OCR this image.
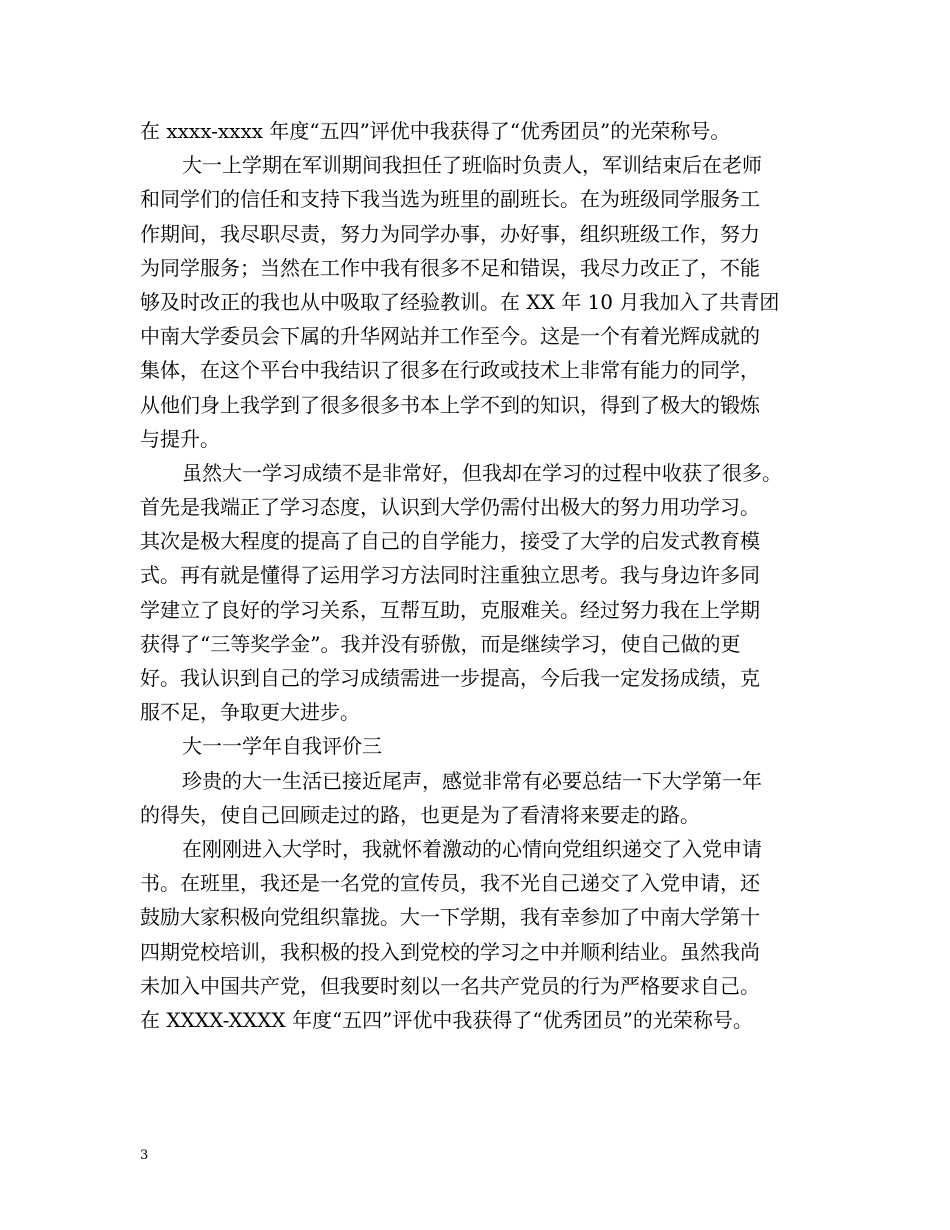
在 xxxx-xxxx 年度“五四”评优中我获得了“优秀团员”的光荣称号。
大一上学期在军训期间我担任了班临时负责人，军训结束后在老师
和同学们的信任和支持下我当选为班里的副班长。在为班级同学服务工
作期间，我尽职尽责，努力为同学办事，办好事，组织班级工作，努力
为同学服务；当然在工作中我有很多不足和错误，我尽力改正了，不能
够及时改正的我也从中吸取了经验教训。在 XX 年 10 月我加入了共青团
中南大学委员会下属的升华网站并工作至今。这是一个有着光辉成就的
集体，在这个平台中我结识了很多在行政或技术上非常有能力的同学，
从他们身上我学到了很多很多书本上学不到的知识，得到了极大的锻炼
与提升。
虽然大一学习成绩不是非常好，但我却在学习的过程中收获了很多。
首先是我端正了学习态度，认识到大学仍需付出极大的努力用功学习。
其次是极大程度的提高了自己的自学能力，接受了大学的启发式教育模
式。再有就是懂得了运用学习方法同时注重独立思考。我与身边许多同
学建立了良好的学习关系，互帮互助，克服难关。经过努力我在上学期
获得了“三等奖学金”。我并没有骄傲，而是继续学习，使自己做的更
好。我认识到自己的学习成绩需进一步提高，今后我一定发扬成绩，克
服不足，争取更大进步。
大一一学年自我评价三
珍贵的大一生活已接近尾声，感觉非常有必要总结一下大学第一年
的得失，使自己回顾走过的路，也更是为了看清将来要走的路。
在刚刚进入大学时，我就怀着激动的心情向党组织递交了入党申请
书。在班里，我还是一名党的宣传员，我不光自己递交了入党申请，还
鼓励大家积极向党组织靠拢。大一下学期，我有幸参加了中南大学第十
四期党校培训，我积极的投入到党校的学习之中并顺利结业。虽然我尚
未加入中国共产党，但我要时刻以一名共产党员的行为严格要求自己。
在 XXXX-XXXX 年度“五四”评优中我获得了“优秀团员”的光荣称号。
3
